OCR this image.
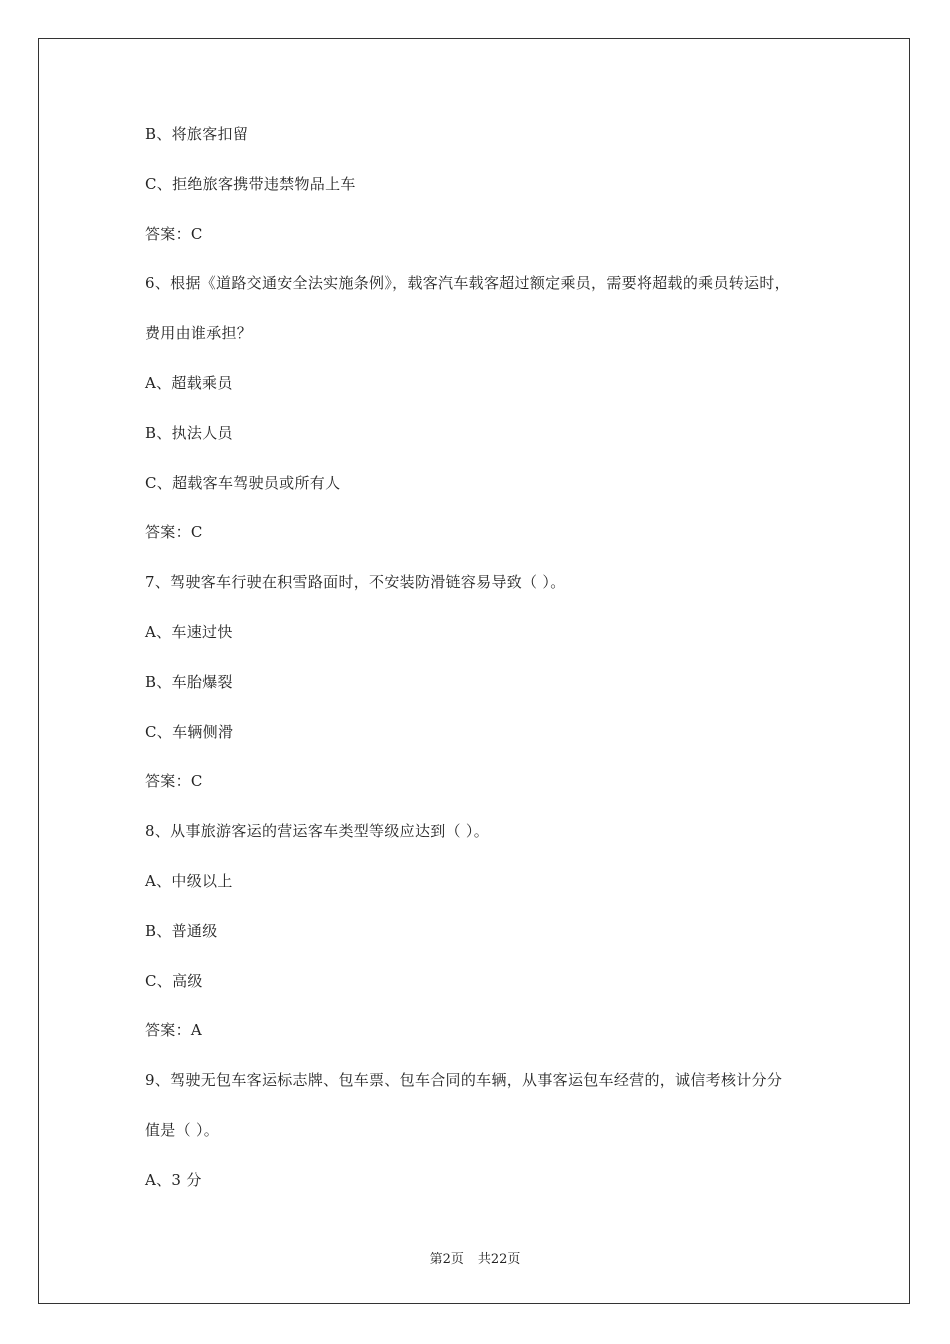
B、将旅客扣留
C、拒绝旅客携带违禁物品上车
答案：C
6、根据《道路交通安全法实施条例》，载客汽车载客超过额定乘员，需要将超载的乘员转运时，
费用由谁承担？
A、超载乘员
B、执法人员
C、超载客车驾驶员或所有人
答案：C
7、驾驶客车行驶在积雪路面时，不安装防滑链容易导致（ ）。
A、车速过快
B、车胎爆裂
C、车辆侧滑
答案：C
8、从事旅游客运的营运客车类型等级应达到（ ）。
A、中级以上
B、普通级
C、高级
答案：A
9、驾驶无包车客运标志牌、包车票、包车合同的车辆，从事客运包车经营的，诚信考核计分分
值是（ ）。
A、3 分
第2页 共22页
